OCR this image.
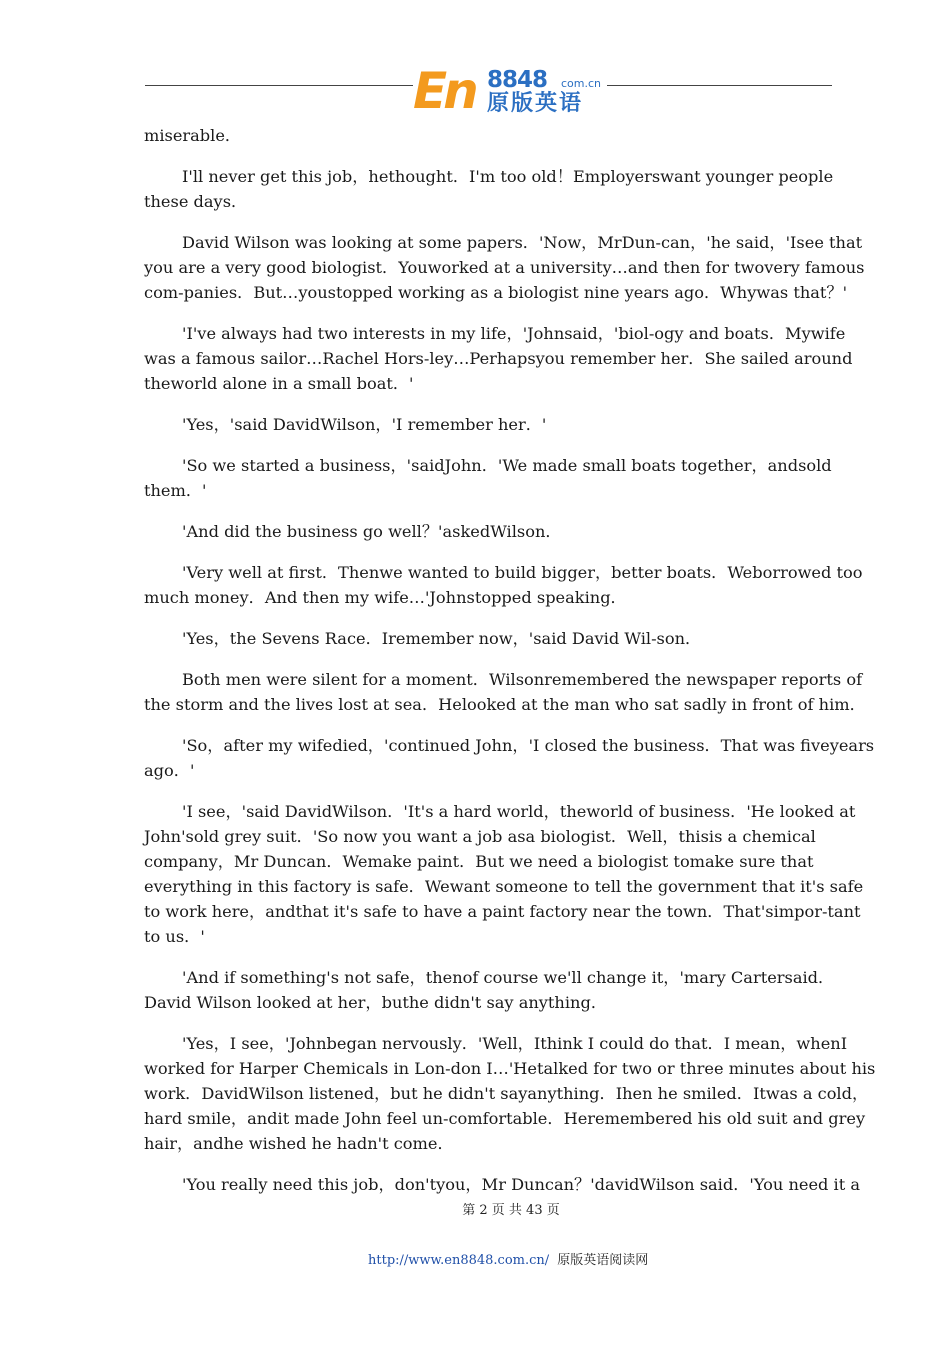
En 8848 com.cn
原版英语

miserable．

I'll never get this job，hethought．I'm too old！Employerswant younger people these days．

David Wilson was looking at some papers．'Now，MrDun-can，'he said，'Isee that you are a very good biologist．Youworked at a university…and then for twovery famous com-panies．But…youstopped working as a biologist nine years ago．Whywas that？'

'I've always had two interests in my life，'Johnsaid，'biol-ogy and boats．Mywife was a famous sailor…Rachel Hors-ley…Perhapsyou remember her．She sailed around theworld alone in a small boat．'

'Yes，'said DavidWilson，'I remember her．'

'So we started a business，'saidJohn．'We made small boats together，andsold them．'

'And did the business go well？'askedWilson．

'Very well at first．Thenwe wanted to build bigger，better boats．Weborrowed too much money．And then my wife…'Johnstopped speaking．

'Yes，the Sevens Race．Iremember now，'said David Wil-son．

Both men were silent for a moment．Wilsonremembered the newspaper reports of the storm and the lives lost at sea．Helooked at the man who sat sadly in front of him．

'So，after my wifedied，'continued John，'I closed the business．That was fiveyears ago．'

'I see，'said DavidWilson．'It's a hard world，theworld of business．'He looked at John'sold grey suit．'So now you want a job asa biologist．Well，thisis a chemical company，Mr Duncan．Wemake paint．But we need a biologist tomake sure that everything in this factory is safe．Wewant someone to tell the government that it's safe to work here，andthat it's safe to have a paint factory near the town．That'simpor-tant to us．'

'And if something's not safe，thenof course we'll change it，'mary Cartersaid．David Wilson looked at her，buthe didn't say anything．

'Yes，I see，'Johnbegan nervously．'Well，Ithink I could do that．I mean，whenI worked for Harper Chemicals in Lon-don I…'Hetalked for two or three minutes about his work．DavidWilson listened，but he didn't sayanything．Ihen he smiled．Itwas a cold，hard smile，andit made John feel un-comfortable．Heremembered his old suit and grey hair，andhe wished he hadn't come．

'You really need this job，don'tyou，Mr Duncan？'davidWilson said．'You need it a

第 2 页 共 43 页
http://www.en8848.com.cn/ 原版英语阅读网
